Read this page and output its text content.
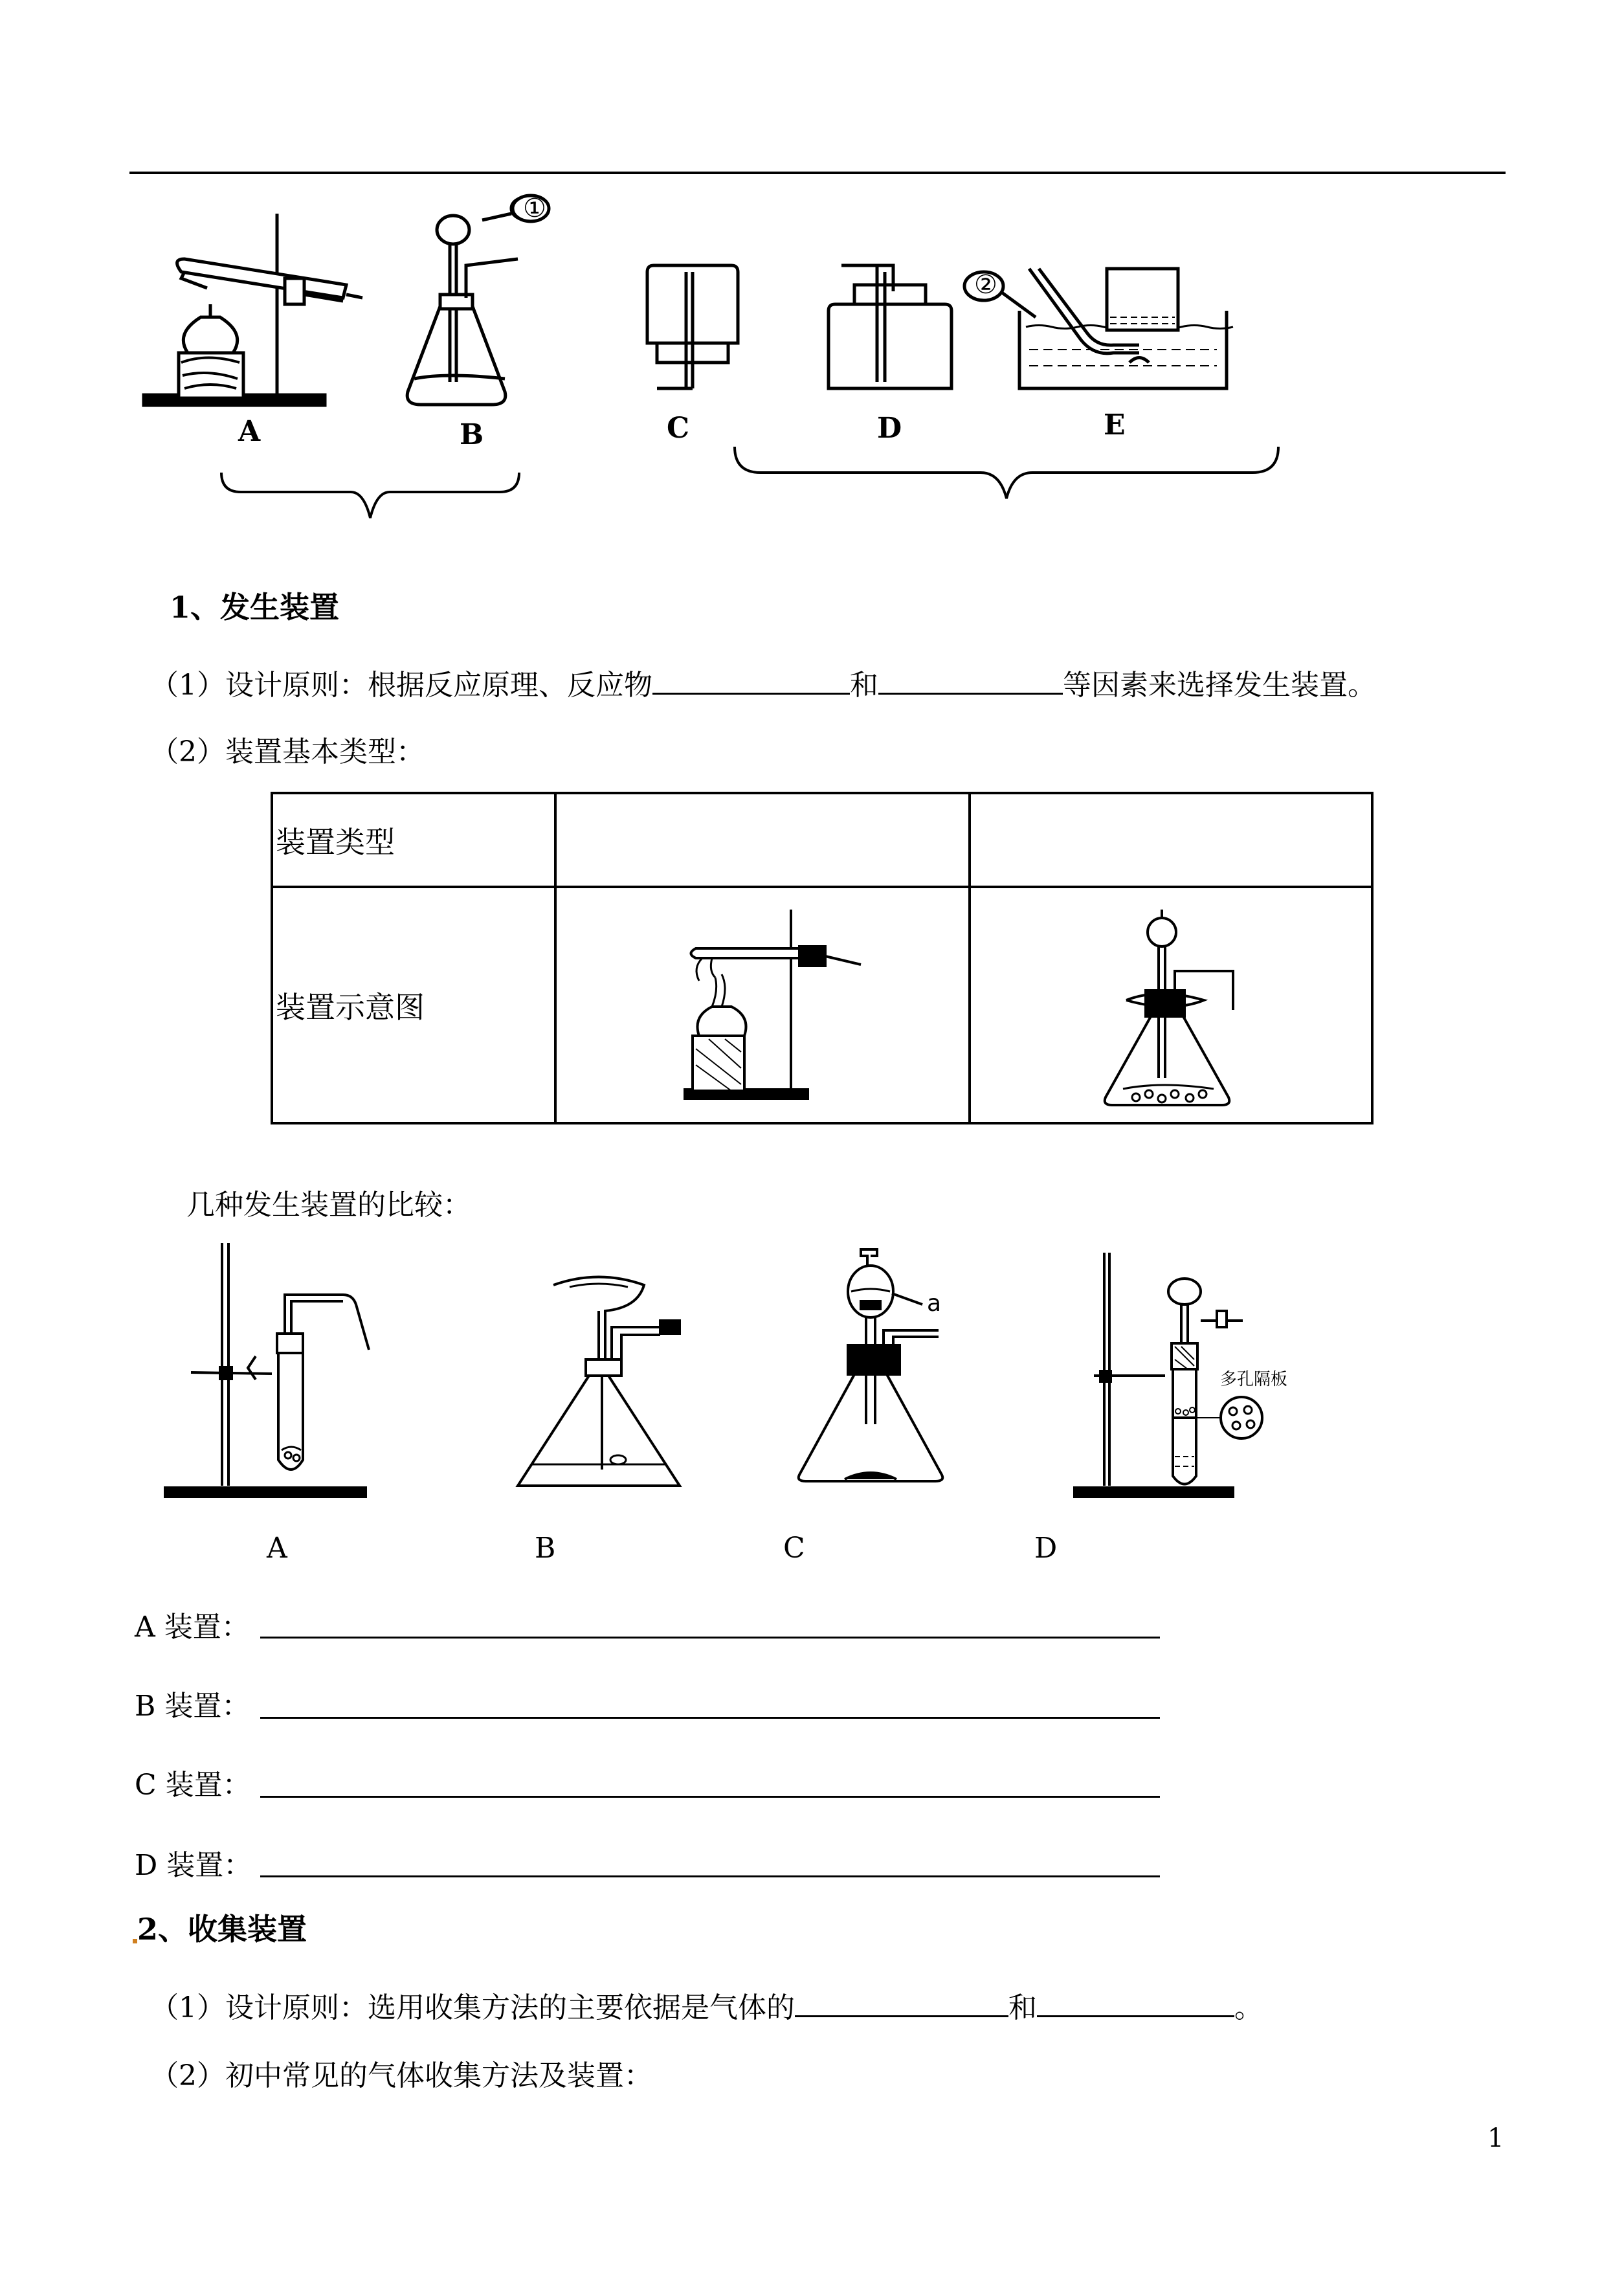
①
②
A	B	C	D	E
1、发生装置
（1）设计原则：根据反应原理、反应物	和	等因素来选择发生装置。
（2）装置基本类型：
装置类型		
装置示意图		
几种发生装置的比较：
a
多孔隔板
A	B	C	D
A 装置：
B 装置：
C 装置：
D 装置：
2、收集装置
（1）设计原则：选用收集方法的主要依据是气体的	和	。
（2）初中常见的气体收集方法及装置：
1
